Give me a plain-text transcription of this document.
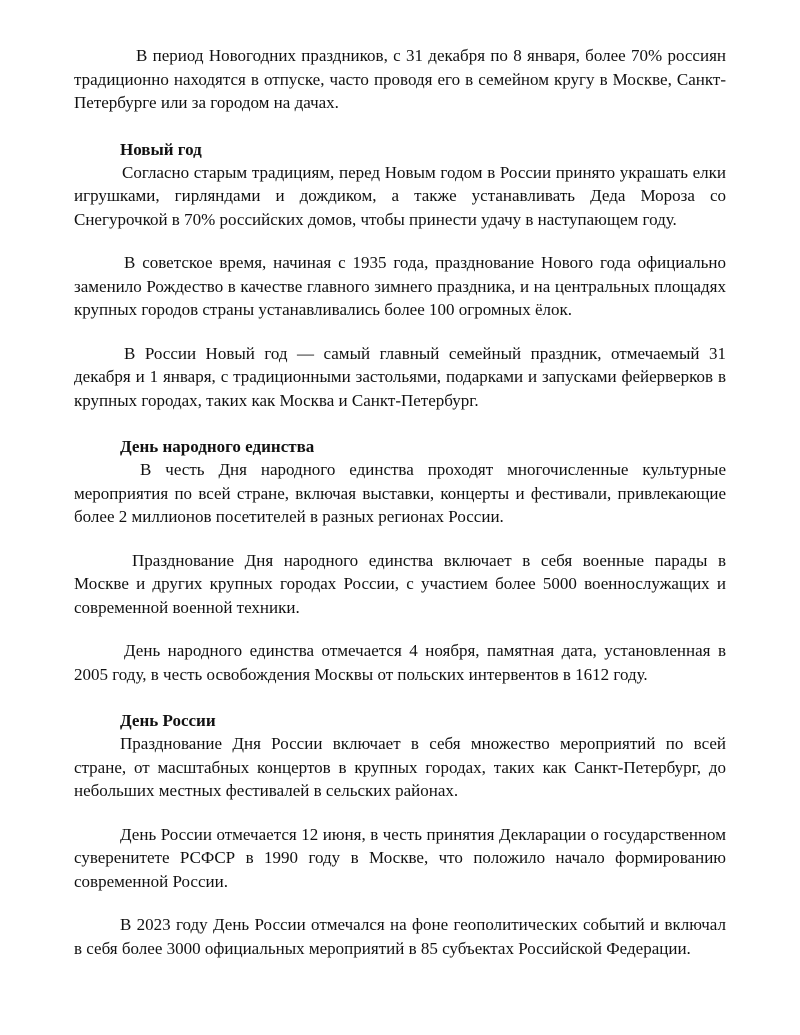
В период Новогодних праздников, с 31 декабря по 8 января, более 70% россиян традиционно находятся в отпуске, часто проводя его в семейном кругу в Москве, Санкт-Петербурге или за городом на дачах.

Новый год

Согласно старым традициям, перед Новым годом в России принято украшать елки игрушками, гирляндами и дождиком, а также устанавливать Деда Мороза со Снегурочкой в 70% российских домов, чтобы принести удачу в наступающем году.

В советское время, начиная с 1935 года, празднование Нового года официально заменило Рождество в качестве главного зимнего праздника, и на центральных площадях крупных городов страны устанавливались более 100 огромных ёлок.

В России Новый год — самый главный семейный праздник, отмечаемый 31 декабря и 1 января, с традиционными застольями, подарками и запусками фейерверков в крупных городах, таких как Москва и Санкт-Петербург.

День народного единства

В честь Дня народного единства проходят многочисленные культурные мероприятия по всей стране, включая выставки, концерты и фестивали, привлекающие более 2 миллионов посетителей в разных регионах России.

Празднование Дня народного единства включает в себя военные парады в Москве и других крупных городах России, с участием более 5000 военнослужащих и современной военной техники.

День народного единства отмечается 4 ноября, памятная дата, установленная в 2005 году, в честь освобождения Москвы от польских интервентов в 1612 году.

День России

Празднование Дня России включает в себя множество мероприятий по всей стране, от масштабных концертов в крупных городах, таких как Санкт-Петербург, до небольших местных фестивалей в сельских районах.

День России отмечается 12 июня, в честь принятия Декларации о государственном суверенитете РСФСР в 1990 году в Москве, что положило начало формированию современной России.

В 2023 году День России отмечался на фоне геополитических событий и включал в себя более 3000 официальных мероприятий в 85 субъектах Российской Федерации.
